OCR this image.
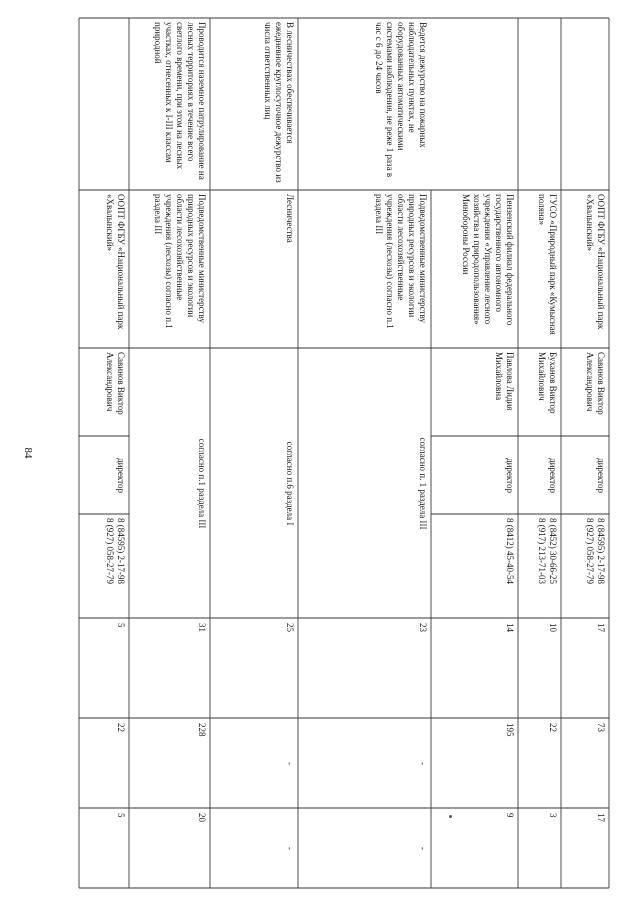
84
ООПТ ФГБУ «Национальный парк «Хвалынский»
Савинов Виктор Александрович
директор
8 (84595) 2-17-98
8 (927) 058-27-79
17
73
17
ГУСО «Природный парк «Кумысная поляна»
Буханов Виктор Михайлович
директор
8 (8452) 30-66-25
8 (917) 213-71-03
10
22
3
Пензенский филиал федерального государственного автономного учреждения «Управление лесного хозяйства и природопользования» Минобороны России
Павлова Лидия Михайловна
директор
8 (8412) 45-40-54
14
195
9
Ведется дежурство на пожарных наблюдательных пунктах, не оборудованных автоматическими системами наблюдения, не реже 1 раза в час с 6 до 24 часов
Подведомственные министерству природных ресурсов и экологии области лесохозяйственные учреждения (лесхозы) согласно п.1 раздела III
согласно п. 1 раздела III
23
-
-
В лесничествах обеспечивается ежедневное круглосуточное дежурство из числа ответственных лиц
Лесничества
согласно п.6 раздела I
25
-
-
Проводится наземное патрулирование на лесных территориях в течение всего светлого времени, при этом на лесных участках, отнесенных к I-III классам природной
Подведомственные министерству природных ресурсов и экологии области лесохозяйственные учреждения (лесхозы) согласно п.1 раздела III
согласно п.1 раздела III
31
228
20
ООПТ ФГБУ «Национальный парк «Хвалынский»
Савинов Виктор Александрович
директор
8 (84595) 2-17-98
8 (927) 058-27-79
5
22
5
